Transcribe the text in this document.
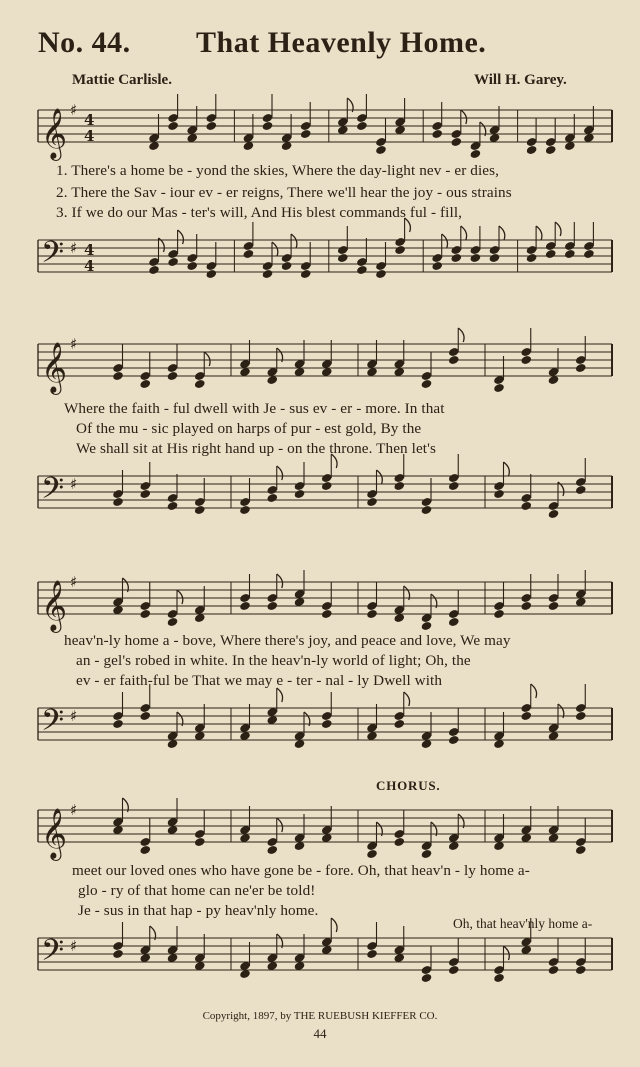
No. 44. That Heavenly Home.
Mattie Carlisle.	Will H. Garey.
𝄞 ♯
4
4
1. There's a home be - yond the skies, Where the day-light nev - er dies,
2. There the Sav - iour ev - er reigns, There we'll hear the joy - ous strains
3. If we do our Mas - ter's will, And His blest commands ful - fill,
𝄢 ♯ 4
4
𝄞 ♯
Where the faith - ful dwell with Je - sus ev - er - more. In that
Of the mu - sic played on harps of pur - est gold, By the
We shall sit at His right hand up - on the throne. Then let's
𝄢 ♯
𝄞 ♯
heav'n-ly home a - bove, Where there's joy, and peace and love, We may
an - gel's robed in white. In the heav'n-ly world of light; Oh, the
ev - er faith-ful be That we may e - ter - nal - ly Dwell with
𝄢 ♯
CHORUS.
𝄞 ♯
meet our loved ones who have gone be - fore. Oh, that heav'n - ly home a-
glo - ry of that home can ne'er be told!
Je - sus in that hap - py heav'nly home.
Oh, that heav'nly home a-
𝄢 ♯
Copyright, 1897, by THE RUEBUSH KIEFFER CO.
44
